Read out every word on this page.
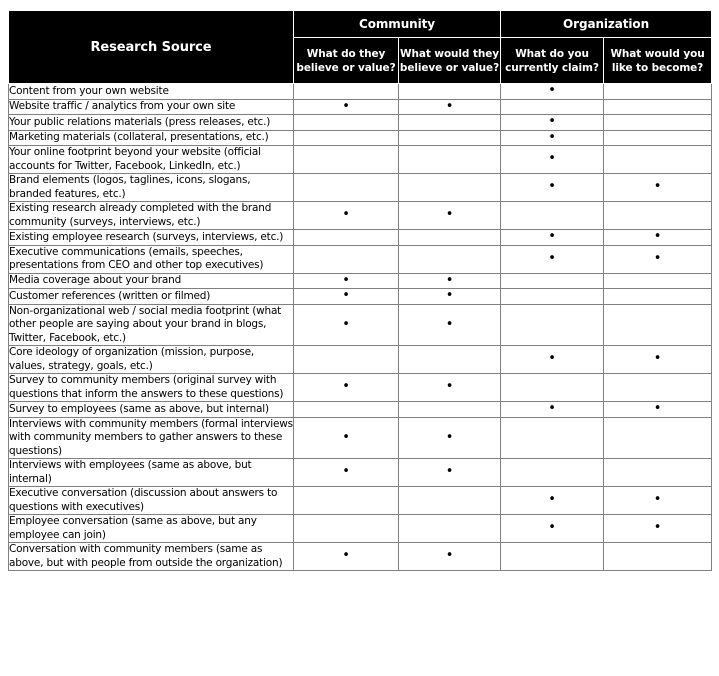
Research Source	Community		Organization	
	What do they believe or value?	What would they believe or value?	What do you currently claim?	What would you like to become?
Content from your own website			•	
Website traffic / analytics from your own site	•	•		
Your public relations materials (press releases, etc.)			•	
Marketing materials (collateral, presentations, etc.)			•	
Your online footprint beyond your website (official accounts for Twitter, Facebook, LinkedIn, etc.)			•	
Brand elements (logos, taglines, icons, slogans, branded features, etc.)			•	•
Existing research already completed with the brand community (surveys, interviews, etc.)	•	•		
Existing employee research (surveys, interviews, etc.)			•	•
Executive communications (emails, speeches, presentations from CEO and other top executives)			•	•
Media coverage about your brand	•	•		
Customer references (written or filmed)	•	•		
Non-organizational web / social media footprint (what other people are saying about your brand in blogs, Twitter, Facebook, etc.)	•	•		
Core ideology of organization (mission, purpose, values, strategy, goals, etc.)			•	•
Survey to community members (original survey with questions that inform the answers to these questions)	•	•		
Survey to employees (same as above, but internal)			•	•
Interviews with community members (formal interviews with community members to gather answers to these questions)	•	•		
Interviews with employees (same as above, but internal)	•	•		
Executive conversation (discussion about answers to questions with executives)			•	•
Employee conversation (same as above, but any employee can join)			•	•
Conversation with community members (same as above, but with people from outside the organization)	•	•		
